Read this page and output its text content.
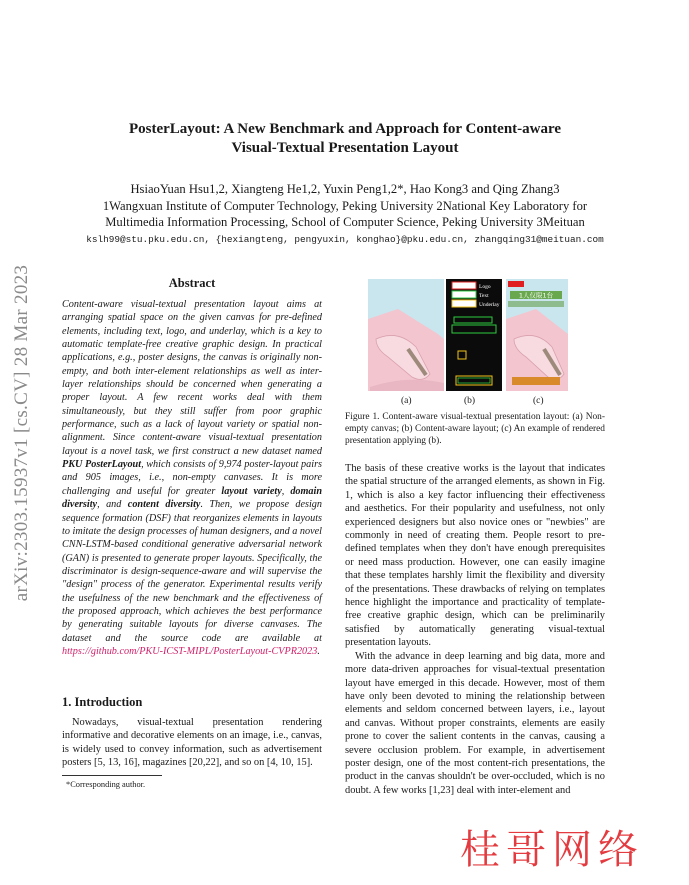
arXiv:2303.15937v1 [cs.CV] 28 Mar 2023
PosterLayout: A New Benchmark and Approach for Content-aware
Visual-Textual Presentation Layout
HsiaoYuan Hsu1,2, Xiangteng He1,2, Yuxin Peng1,2*, Hao Kong3 and Qing Zhang3
1Wangxuan Institute of Computer Technology, Peking University 2National Key Laboratory for
Multimedia Information Processing, School of Computer Science, Peking University 3Meituan
kslh99@stu.pku.edu.cn, {hexiangteng, pengyuxin, konghao}@pku.edu.cn, zhangqing31@meituan.com
Abstract
Content-aware visual-textual presentation layout aims at arranging spatial space on the given canvas for pre-defined elements, including text, logo, and underlay, which is a key to automatic template-free creative graphic design. In practical applications, e.g., poster designs, the canvas is originally non-empty, and both inter-element relationships as well as inter-layer relationships should be concerned when generating a proper layout. A few recent works deal with them simultaneously, but they still suffer from poor graphic performance, such as a lack of layout variety or spatial non-alignment. Since content-aware visual-textual presentation layout is a novel task, we first construct a new dataset named PKU PosterLayout, which consists of 9,974 poster-layout pairs and 905 images, i.e., non-empty canvases. It is more challenging and useful for greater layout variety, domain diversity, and content diversity. Then, we propose design sequence formation (DSF) that reorganizes elements in layouts to imitate the design processes of human designers, and a novel CNN-LSTM-based conditional generative adversarial network (GAN) is presented to generate proper layouts. Specifically, the discriminator is design-sequence-aware and will supervise the "design" process of the generator. Experimental results verify the usefulness of the new benchmark and the effectiveness of the proposed approach, which achieves the best performance by generating suitable layouts for diverse canvases. The dataset and the source code are available at https://github.com/PKU-ICST-MIPL/PosterLayout-CVPR2023.
1. Introduction
Nowadays, visual-textual presentation rendering informative and decorative elements on an image, i.e., canvas, is widely used to convey information, such as advertisement posters [5, 13, 16], magazines [20,22], and so on [4, 10, 15].
*Corresponding author.
Logo
Text
Underlay
1人仅限1台
(a)	(b)	(c)
Figure 1. Content-aware visual-textual presentation layout: (a) Non-empty canvas; (b) Content-aware layout; (c) An example of rendered presentation applying (b).

The basis of these creative works is the layout that indicates the spatial structure of the arranged elements, as shown in Fig. 1, which is also a key factor influencing their effectiveness and aesthetics. For their popularity and usefulness, not only experienced designers but also novice ones or "newbies" are commonly in need of creating them. People resort to pre-defined templates when they don't have enough prerequisites or need mass production. However, one can easily imagine that these templates harshly limit the flexibility and diversity of the presentations. These drawbacks of relying on templates hence highlight the importance and practicality of template-free creative graphic design, which can be preliminarily satisfied by automatically generating visual-textual presentation layouts.

With the advance in deep learning and big data, more and more data-driven approaches for visual-textual presentation layout have emerged in this decade. However, most of them have only been devoted to mining the relationship between elements and seldom concerned between layers, i.e., layout and canvas. Without proper constraints, elements are easily prone to cover the salient contents in the canvas, causing a severe occlusion problem. For example, in advertisement poster design, one of the most content-rich presentations, the product in the canvas shouldn't be over-occluded, which is no doubt. A few works [1,23] deal with inter-element and

桂哥网络
